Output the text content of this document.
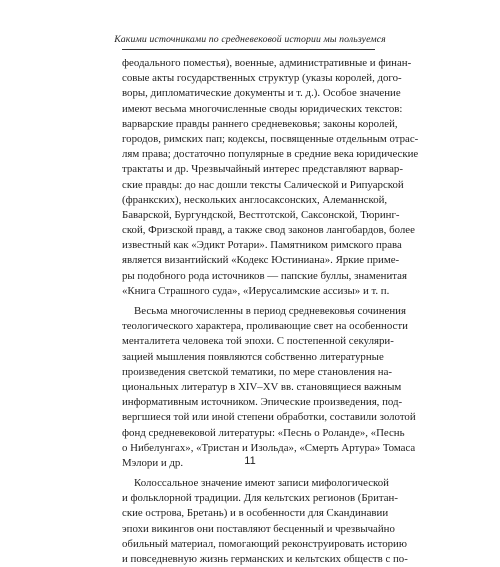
Какими источниками по средневековой истории мы пользуемся
феодального поместья), военные, административные и финан-
совые акты государственных структур (указы королей, дого-
воры, дипломатические документы и т. д.). Особое значение
имеют весьма многочисленные своды юридических текстов:
варварские правды раннего средневековья; законы королей,
городов, римских пап; кодексы, посвященные отдельным отрас-
лям права; достаточно популярные в средние века юридические
трактаты и др. Чрезвычайный интерес представляют варвар-
ские правды: до нас дошли тексты Салической и Рипуарской
(франкских), нескольких англосаксонских, Алеманнской,
Баварской, Бургундской, Вестготской, Саксонской, Тюринг-
ской, Фризской правд, а также свод законов лангобардов, более
известный как «Эдикт Ротари». Памятником римского права
является византийский «Кодекс Юстиниана». Яркие приме-
ры подобного рода источников — папские буллы, знаменитая
«Книга Страшного суда», «Иерусалимские ассизы» и т. п.
Весьма многочисленны в период средневековья сочинения
теологического характера, проливающие свет на особенности
менталитета человека той эпохи. С постепенной секуляри-
зацией мышления появляются собственно литературные
произведения светской тематики, по мере становления на-
циональных литератур в XIV–XV вв. становящиеся важным
информативным источником. Эпические произведения, под-
вергшиеся той или иной степени обработки, составили золотой
фонд средневековой литературы: «Песнь о Роланде», «Песнь
о Нибелунгах», «Тристан и Изольда», «Смерть Артура» Томаса
Мэлори и др.
Колоссальное значение имеют записи мифологической
и фольклорной традиции. Для кельтских регионов (Британ-
ские острова, Бретань) и в особенности для Скандинавии
эпохи викингов они поставляют бесценный и чрезвычайно
обильный материал, помогающий реконструировать историю
и повседневную жизнь германских и кельтских обществ с по-
11
